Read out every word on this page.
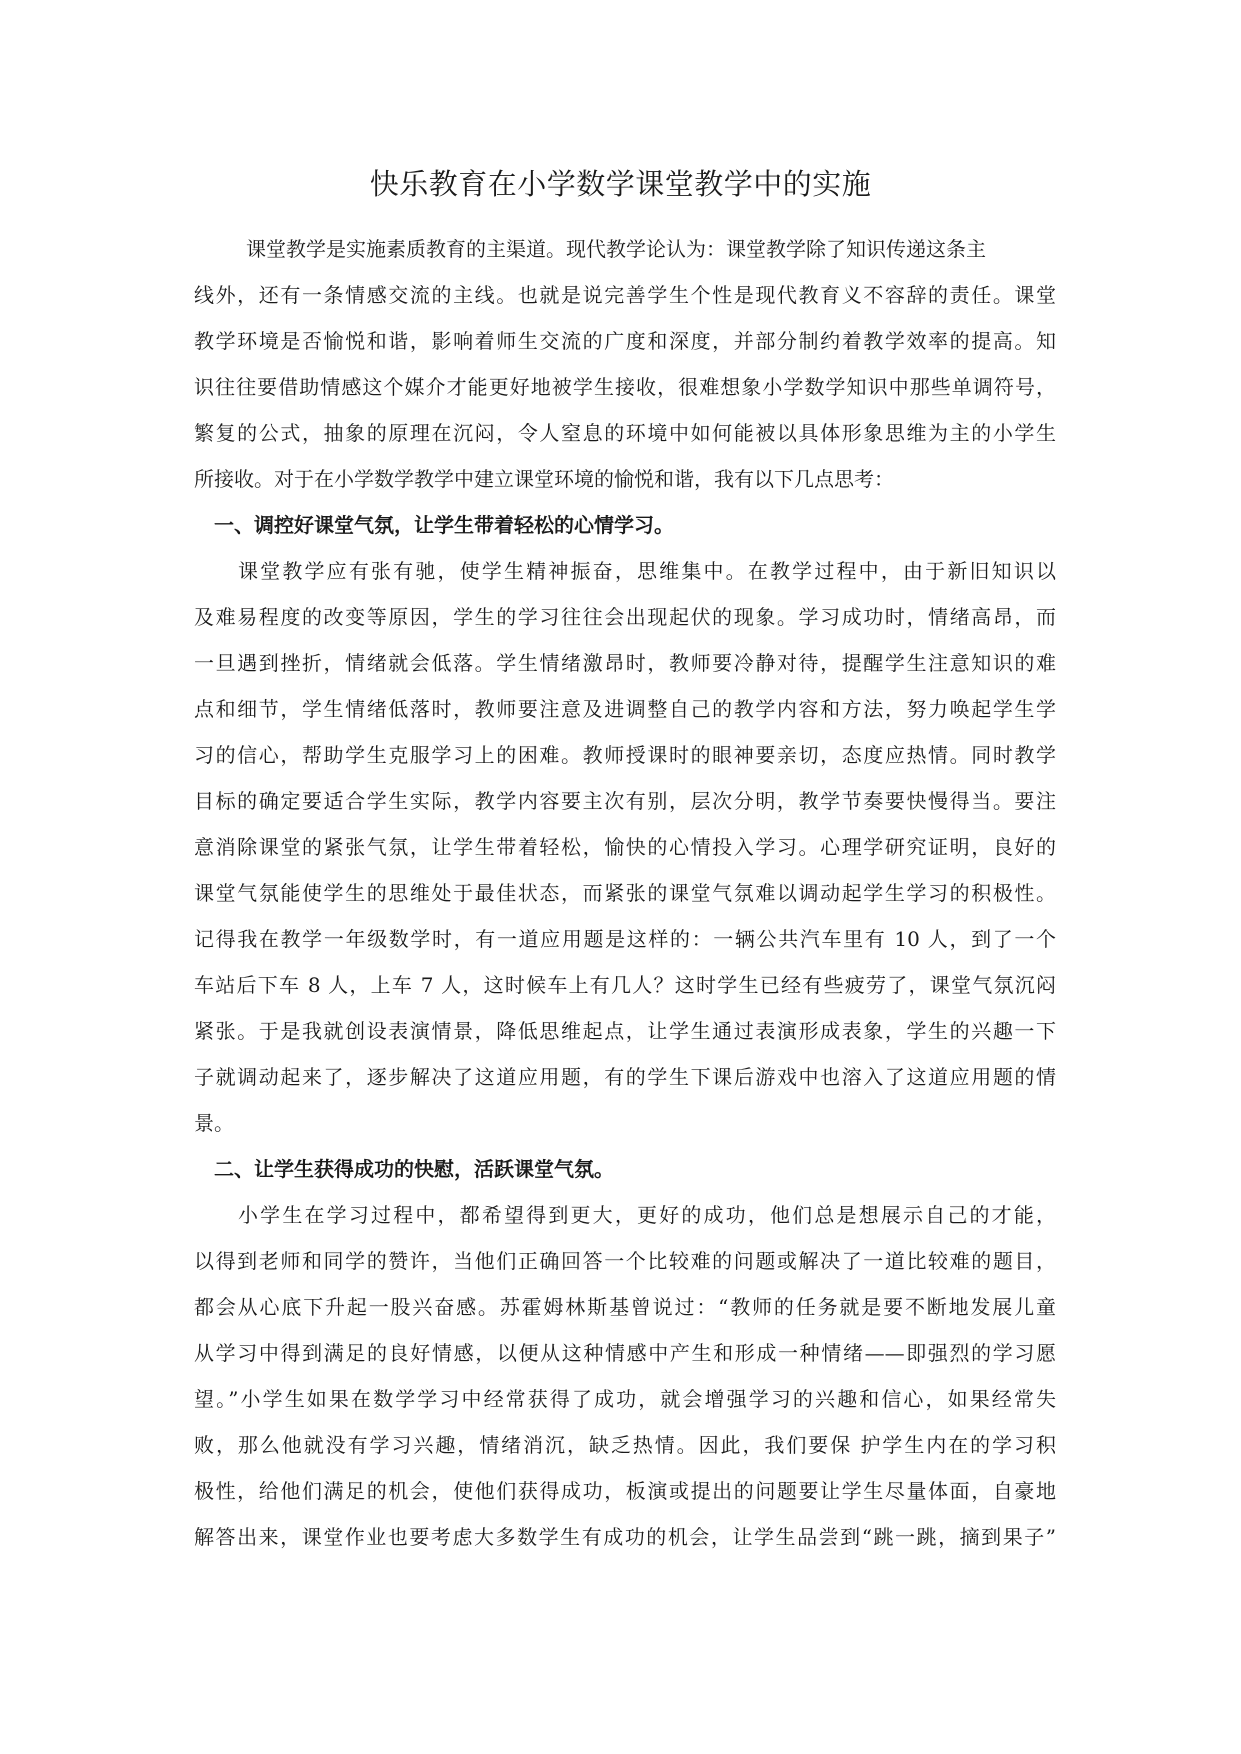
快乐教育在小学数学课堂教学中的实施
课堂教学是实施素质教育的主渠道。现代教学论认为：课堂教学除了知识传递这条主
线外，还有一条情感交流的主线。也就是说完善学生个性是现代教育义不容辞的责任。课堂
教学环境是否愉悦和谐，影响着师生交流的广度和深度，并部分制约着教学效率的提高。知
识往往要借助情感这个媒介才能更好地被学生接收，很难想象小学数学知识中那些单调符号，
繁复的公式，抽象的原理在沉闷，令人窒息的环境中如何能被以具体形象思维为主的小学生
所接收。对于在小学数学教学中建立课堂环境的愉悦和谐，我有以下几点思考：
一、调控好课堂气氛，让学生带着轻松的心情学习。
课堂教学应有张有驰，使学生精神振奋，思维集中。在教学过程中，由于新旧知识以
及难易程度的改变等原因，学生的学习往往会出现起伏的现象。学习成功时，情绪高昂，而
一旦遇到挫折，情绪就会低落。学生情绪激昂时，教师要冷静对待，提醒学生注意知识的难
点和细节，学生情绪低落时，教师要注意及进调整自己的教学内容和方法，努力唤起学生学
习的信心，帮助学生克服学习上的困难。教师授课时的眼神要亲切，态度应热情。同时教学
目标的确定要适合学生实际，教学内容要主次有别，层次分明，教学节奏要快慢得当。要注
意消除课堂的紧张气氛，让学生带着轻松，愉快的心情投入学习。心理学研究证明，良好的
课堂气氛能使学生的思维处于最佳状态，而紧张的课堂气氛难以调动起学生学习的积极性。
记得我在教学一年级数学时，有一道应用题是这样的：一辆公共汽车里有 10 人，到了一个
车站后下车 8 人，上车 7 人，这时候车上有几人？这时学生已经有些疲劳了，课堂气氛沉闷
紧张。于是我就创设表演情景，降低思维起点，让学生通过表演形成表象，学生的兴趣一下
子就调动起来了，逐步解决了这道应用题，有的学生下课后游戏中也溶入了这道应用题的情
景。
二、让学生获得成功的快慰，活跃课堂气氛。
小学生在学习过程中，都希望得到更大，更好的成功，他们总是想展示自己的才能，
以得到老师和同学的赞许，当他们正确回答一个比较难的问题或解决了一道比较难的题目，
都会从心底下升起一股兴奋感。苏霍姆林斯基曾说过：“教师的任务就是要不断地发展儿童
从学习中得到满足的良好情感，以便从这种情感中产生和形成一种情绪——即强烈的学习愿
望。”小学生如果在数学学习中经常获得了成功，就会增强学习的兴趣和信心，如果经常失
败，那么他就没有学习兴趣，情绪消沉，缺乏热情。因此，我们要保 护学生内在的学习积
极性，给他们满足的机会，使他们获得成功，板演或提出的问题要让学生尽量体面，自豪地
解答出来，课堂作业也要考虑大多数学生有成功的机会，让学生品尝到“跳一跳，摘到果子”
